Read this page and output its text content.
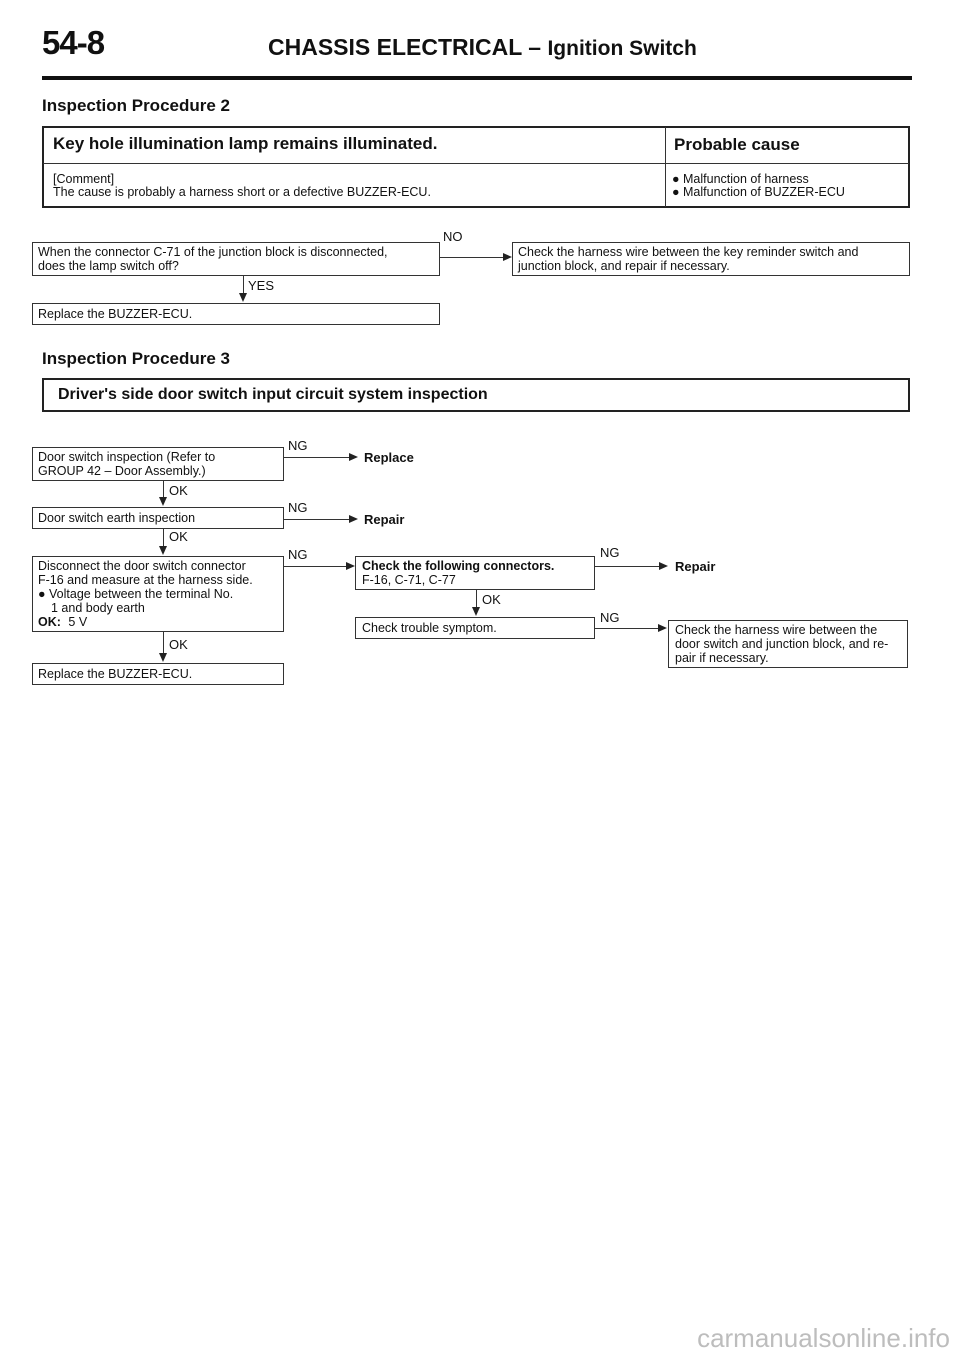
54-8	CHASSIS ELECTRICAL – Ignition Switch
Inspection Procedure 2
Key hole illumination lamp remains illuminated.	Probable cause
[Comment]
The cause is probably a harness short or a defective BUZZER-ECU.
● Malfunction of harness
● Malfunction of BUZZER-ECU
When the connector C-71 of the junction block is disconnected,
does the lamp switch off?
NO
Check the harness wire between the key reminder switch and
junction block, and repair if necessary.
YES
Replace the BUZZER-ECU.
Inspection Procedure 3
Driver's side door switch input circuit system inspection
Door switch inspection (Refer to
GROUP 42 – Door Assembly.)
NG
Replace
OK
Door switch earth inspection
NG
Repair
OK
Disconnect the door switch connector
F-16 and measure at the harness side.
● Voltage between the terminal No.
1 and body earth
OK: 5 V
NG
OK
Replace the BUZZER-ECU.
Check the following connectors.
F-16, C-71, C-77
NG
Repair
OK
Check trouble symptom.
NG
Check the harness wire between the
door switch and junction block, and re-
pair if necessary.
carmanualsonline.info
